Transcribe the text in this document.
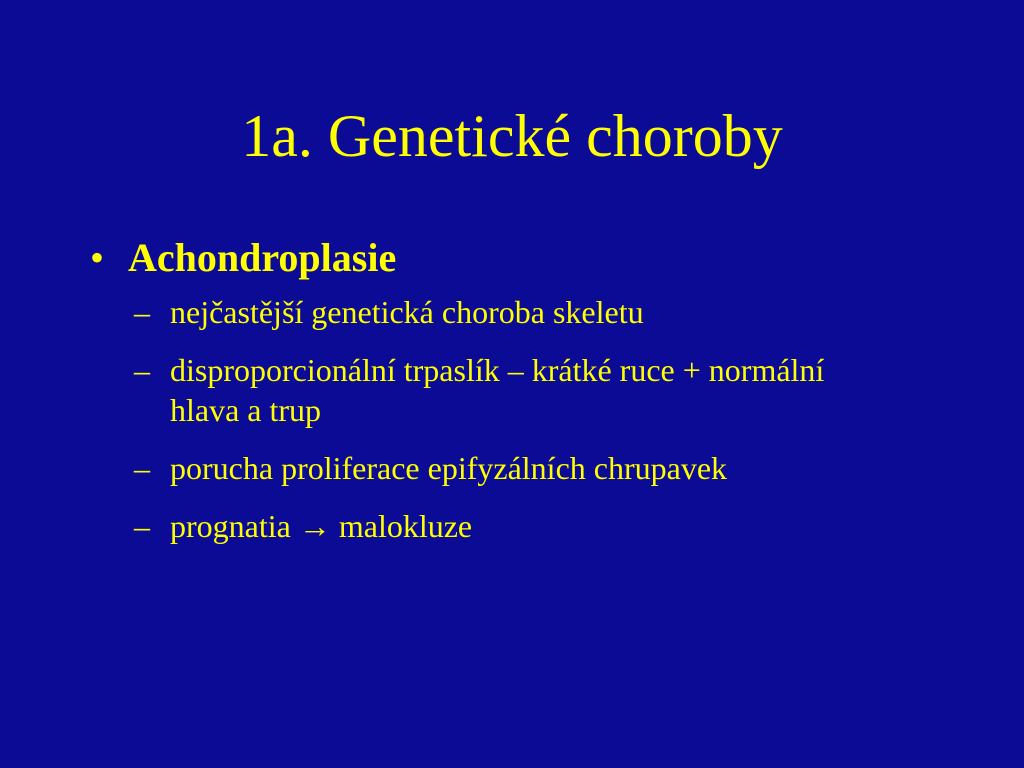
1a. Genetické choroby
• Achondroplasie
– nejčastější genetická choroba skeletu
– disproporcionální trpaslík – krátké ruce + normální hlava a trup
– porucha proliferace epifyzálních chrupavek
– prognatia → malokluze
